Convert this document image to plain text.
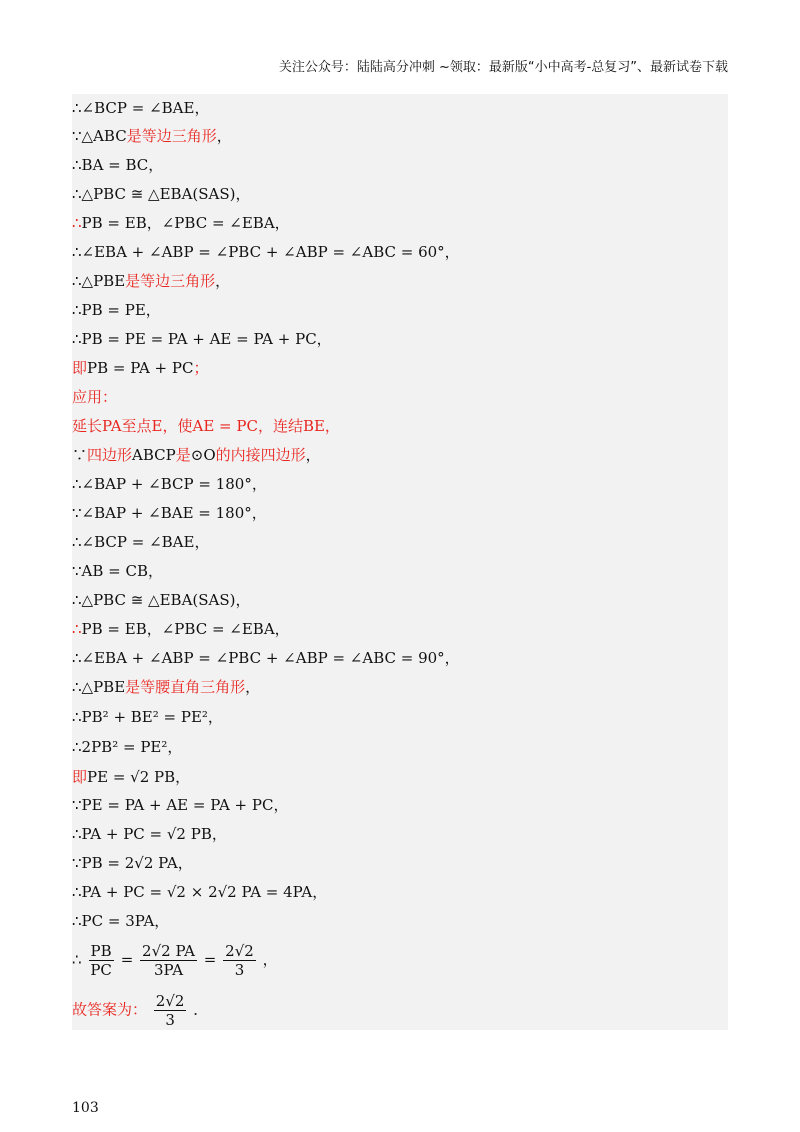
关注公众号：陆陆高分冲刺 ~领取：最新版“小中高考-总复习”、最新试卷下载
∴∠BCP = ∠BAE，
∵△ABC是等边三角形，
∴BA = BC，
∴△PBC ≅ △EBA(SAS)，
∴PB = EB，∠PBC = ∠EBA，
∴∠EBA + ∠ABP = ∠PBC + ∠ABP = ∠ABC = 60°，
∴△PBE是等边三角形，
∴PB = PE，
∴PB = PE = PA + AE = PA + PC，
即PB = PA + PC；
应用：
延长PA至点E，使AE = PC，连结BE，
∵四边形ABCP是⊙O的内接四边形，
∴∠BAP + ∠BCP = 180°，
∵∠BAP + ∠BAE = 180°，
∴∠BCP = ∠BAE，
∵AB = CB，
∴△PBC ≅ △EBA(SAS)，
∴PB = EB，∠PBC = ∠EBA，
∴∠EBA + ∠ABP = ∠PBC + ∠ABP = ∠ABC = 90°，
∴△PBE是等腰直角三角形，
∴PB² + BE² = PE²，
∴2PB² = PE²，
即PE = √2 PB，
∵PE = PA + AE = PA + PC，
∴PA + PC = √2 PB，
∵PB = 2√2 PA，
∴PA + PC = √2 × 2√2 PA = 4PA，
∴PC = 3PA，
∴ $\frac{PB}{PC} = \frac{2√2 PA}{3PA} = \frac{2√2}{3}$ ，
故答案为： $\frac{2√2}{3}$ ．
103
